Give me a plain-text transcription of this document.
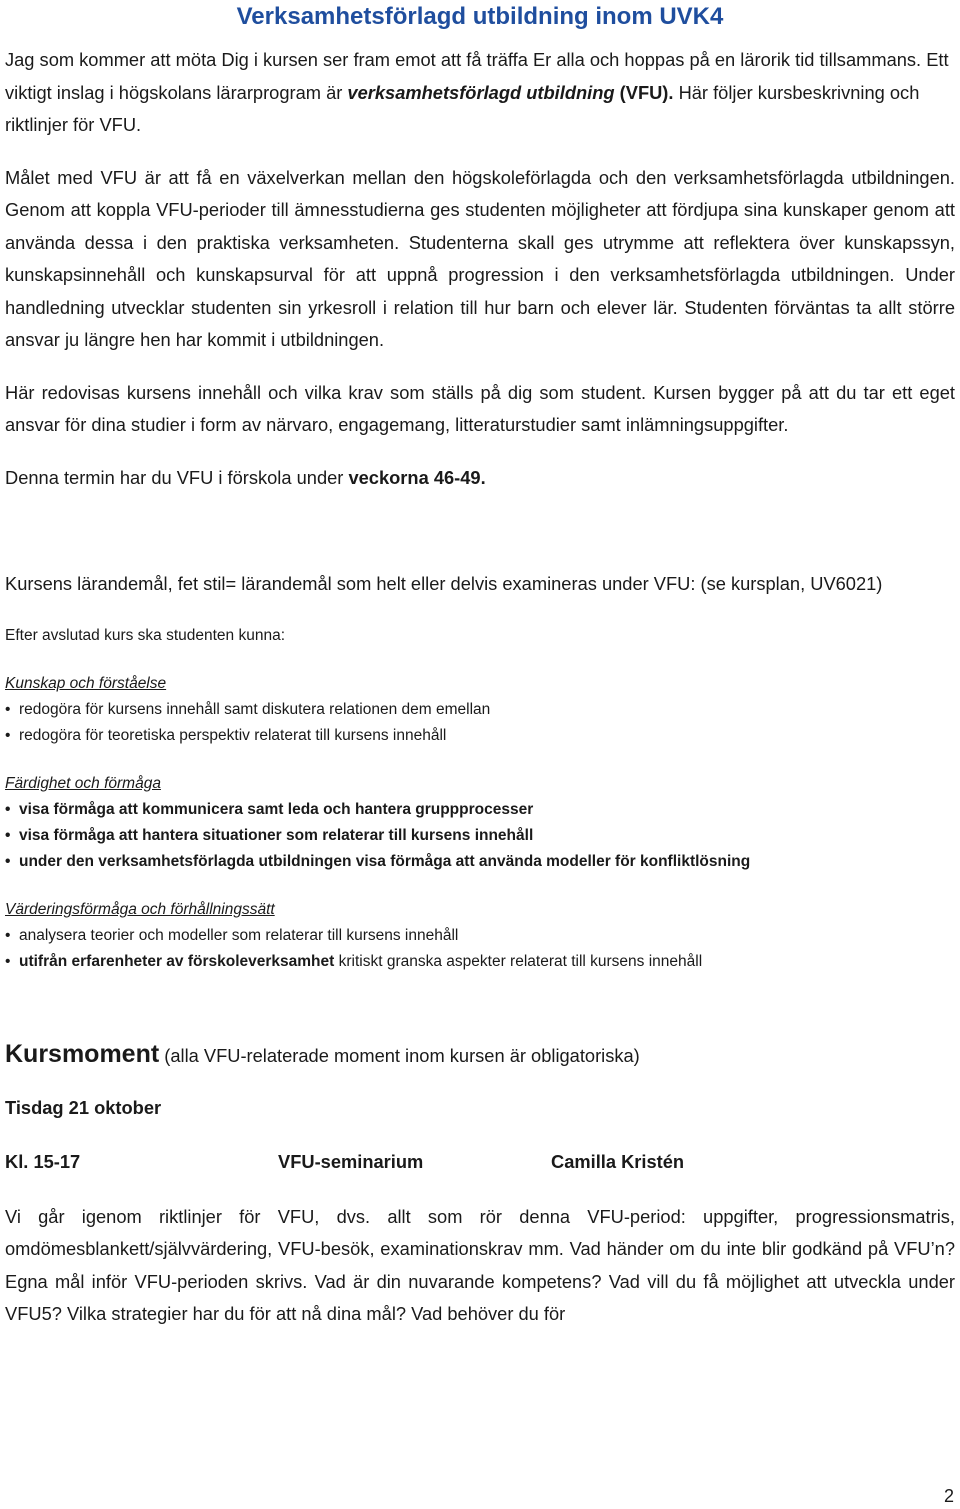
Verksamhetsförlagd utbildning inom UVK4

Jag som kommer att möta Dig i kursen ser fram emot att få träffa Er alla och hoppas på en lärorik tid tillsammans. Ett viktigt inslag i högskolans lärarprogram är verksamhetsförlagd utbildning (VFU). Här följer kursbeskrivning och riktlinjer för VFU.

Målet med VFU är att få en växelverkan mellan den högskoleförlagda och den verksamhetsförlagda utbildningen. Genom att koppla VFU-perioder till ämnesstudierna ges studenten möjligheter att fördjupa sina kunskaper genom att använda dessa i den praktiska verksamheten. Studenterna skall ges utrymme att reflektera över kunskapssyn, kunskapsinnehåll och kunskapsurval för att uppnå progression i den verksamhetsförlagda utbildningen. Under handledning utvecklar studenten sin yrkesroll i relation till hur barn och elever lär. Studenten förväntas ta allt större ansvar ju längre hen har kommit i utbildningen.

Här redovisas kursens innehåll och vilka krav som ställs på dig som student. Kursen bygger på att du tar ett eget ansvar för dina studier i form av närvaro, engagemang, litteraturstudier samt inlämningsuppgifter.

Denna termin har du VFU i förskola under veckorna 46-49.

Kursens lärandemål, fet stil= lärandemål som helt eller delvis examineras under VFU: (se kursplan, UV6021)

Efter avslutad kurs ska studenten kunna:

Kunskap och förståelse

• redogöra för kursens innehåll samt diskutera relationen dem emellan
• redogöra för teoretiska perspektiv relaterat till kursens innehåll

Färdighet och förmåga

• visa förmåga att kommunicera samt leda och hantera gruppprocesser
• visa förmåga att hantera situationer som relaterar till kursens innehåll
• under den verksamhetsförlagda utbildningen visa förmåga att använda modeller för konfliktlösning

Värderingsförmåga och förhållningssätt

• analysera teorier och modeller som relaterar till kursens innehåll
• utifrån erfarenheter av förskoleverksamhet kritiskt granska aspekter relaterat till kursens innehåll
Kursmoment (alla VFU-relaterade moment inom kursen är obligatoriska)
Tisdag 21 oktober
Kl. 15-17	VFU-seminarium	Camilla Kristén

Vi går igenom riktlinjer för VFU, dvs. allt som rör denna VFU-period: uppgifter, progressionsmatris, omdömesblankett/självvärdering, VFU-besök, examinationskrav mm. Vad händer om du inte blir godkänd på VFU’n? Egna mål inför VFU-perioden skrivs. Vad är din nuvarande kompetens? Vad vill du få möjlighet att utveckla under VFU5? Vilka strategier har du för att nå dina mål? Vad behöver du för

2
